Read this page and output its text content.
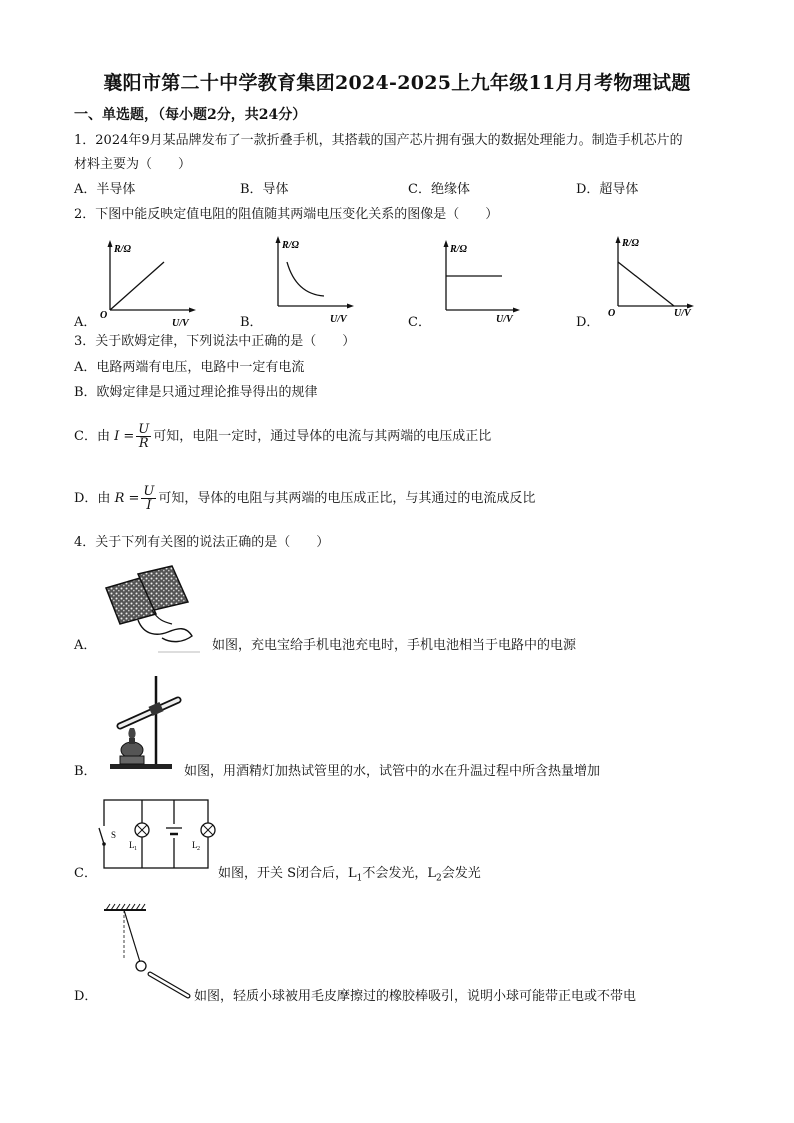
襄阳市第二十中学教育集团2024-2025上九年级11月月考物理试题
一、单选题，（每小题2分，共24分）
1．2024年9月某品牌发布了一款折叠手机，其搭载的国产芯片拥有强大的数据处理能力。制造手机芯片的
材料主要为（　　）
A．半导体	B．导体	C．绝缘体	D．超导体
2．下图中能反映定值电阻的阻值随其两端电压变化关系的图像是（　　）
A．
R/Ω
U/V
O	B．
R/Ω
U/V	C．
R/Ω
U/V	D．
R/Ω
O	U/V
3．关于欧姆定律，下列说法中正确的是（　　）
A．电路两端有电压，电路中一定有电流
B．欧姆定律是只通过理论推导得出的规律
C．由 $I = \frac{U}{R}$ 可知，电阻一定时，通过导体的电流与其两端的电压成正比
D．由 $R = \frac{U}{I}$ 可知，导体的电阻与其两端的电压成正比，与其通过的电流成反比
4．关于下列有关图的说法正确的是（　　）
A．	如图，充电宝给手机电池充电时，手机电池相当于电路中的电源
B．	如图，用酒精灯加热试管里的水，试管中的水在升温过程中所含热量增加
C．
S
L 1	L 2
如图，开关 S闭合后，$L_1$不会发光，$L_2$会发光
D．	如图，轻质小球被用毛皮摩擦过的橡胶棒吸引，说明小球可能带正电或不带电
